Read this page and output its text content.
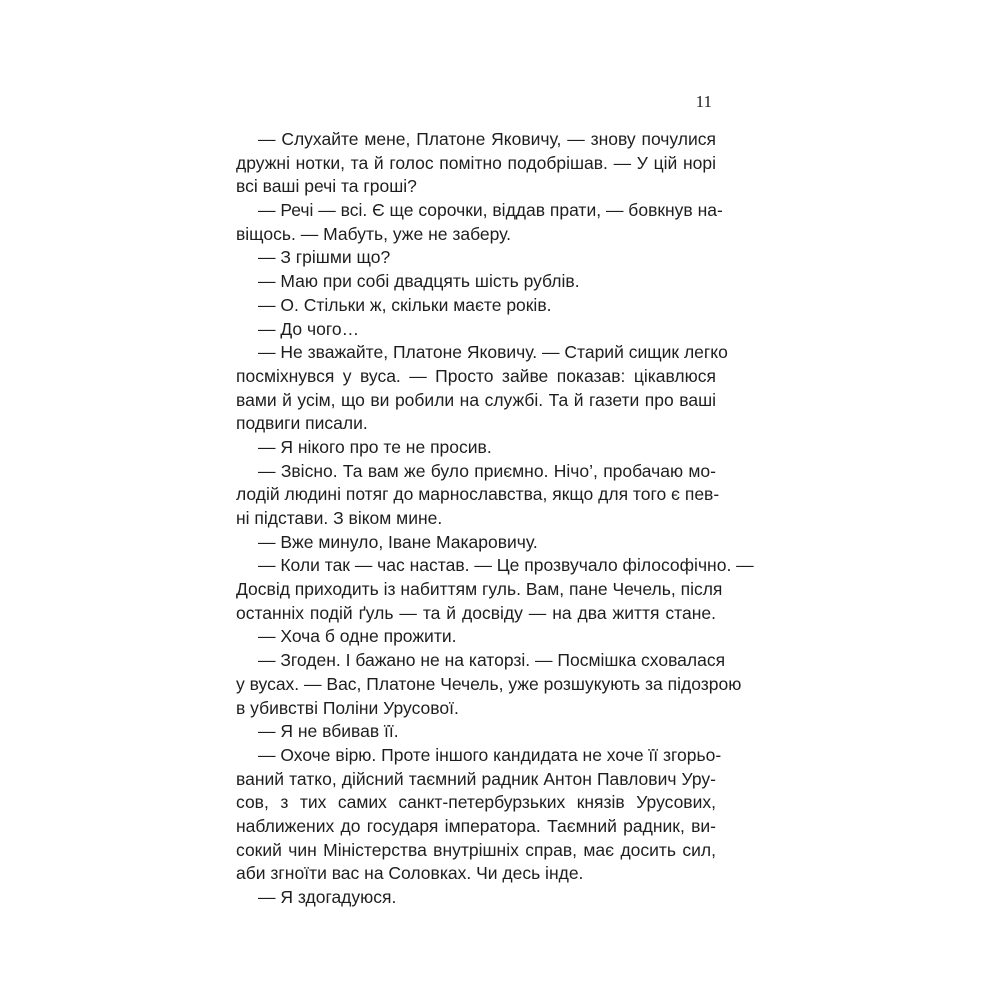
11
— Слухайте мене, Платоне Яковичу, — знову почулися
дружні нотки, та й голос помітно подобрішав. — У цій норі
всі ваші речі та гроші?
— Речі — всі. Є ще сорочки, віддав прати, — бовкнув на-
віщось. — Мабуть, уже не заберу.
— З грішми що?
— Маю при собі двадцять шість рублів.
— О. Стільки ж, скільки маєте років.
— До чого…
— Не зважайте, Платоне Яковичу. — Старий сищик легко
посміхнувся у вуса. — Просто зайве показав: цікавлюся
вами й усім, що ви робили на службі. Та й газети про ваші
подвиги писали.
— Я нікого про те не просив.
— Звісно. Та вам же було приємно. Нічо’, пробачаю мо-
лодій людині потяг до марнославства, якщо для того є пев-
ні підстави. З віком мине.
— Вже минуло, Іване Макаровичу.
— Коли так — час настав. — Це прозвучало філософічно. —
Досвід приходить із набиттям гуль. Вам, пане Чечель, після
останніх подій ґуль — та й досвіду — на два життя стане.
— Хоча б одне прожити.
— Згоден. І бажано не на каторзі. — Посмішка сховалася
у вусах. — Вас, Платоне Чечель, уже розшукують за підозрою
в убивстві Поліни Урусової.
— Я не вбивав її.
— Охоче вірю. Проте іншого кандидата не хоче її згорьо-
ваний татко, дійсний таємний радник Антон Павлович Уру-
сов, з тих самих санкт-петербурзьких князів Урусових,
наближених до государя імператора. Таємний радник, ви-
сокий чин Міністерства внутрішніх справ, має досить сил,
аби згноїти вас на Соловках. Чи десь інде.
— Я здогадуюся.
